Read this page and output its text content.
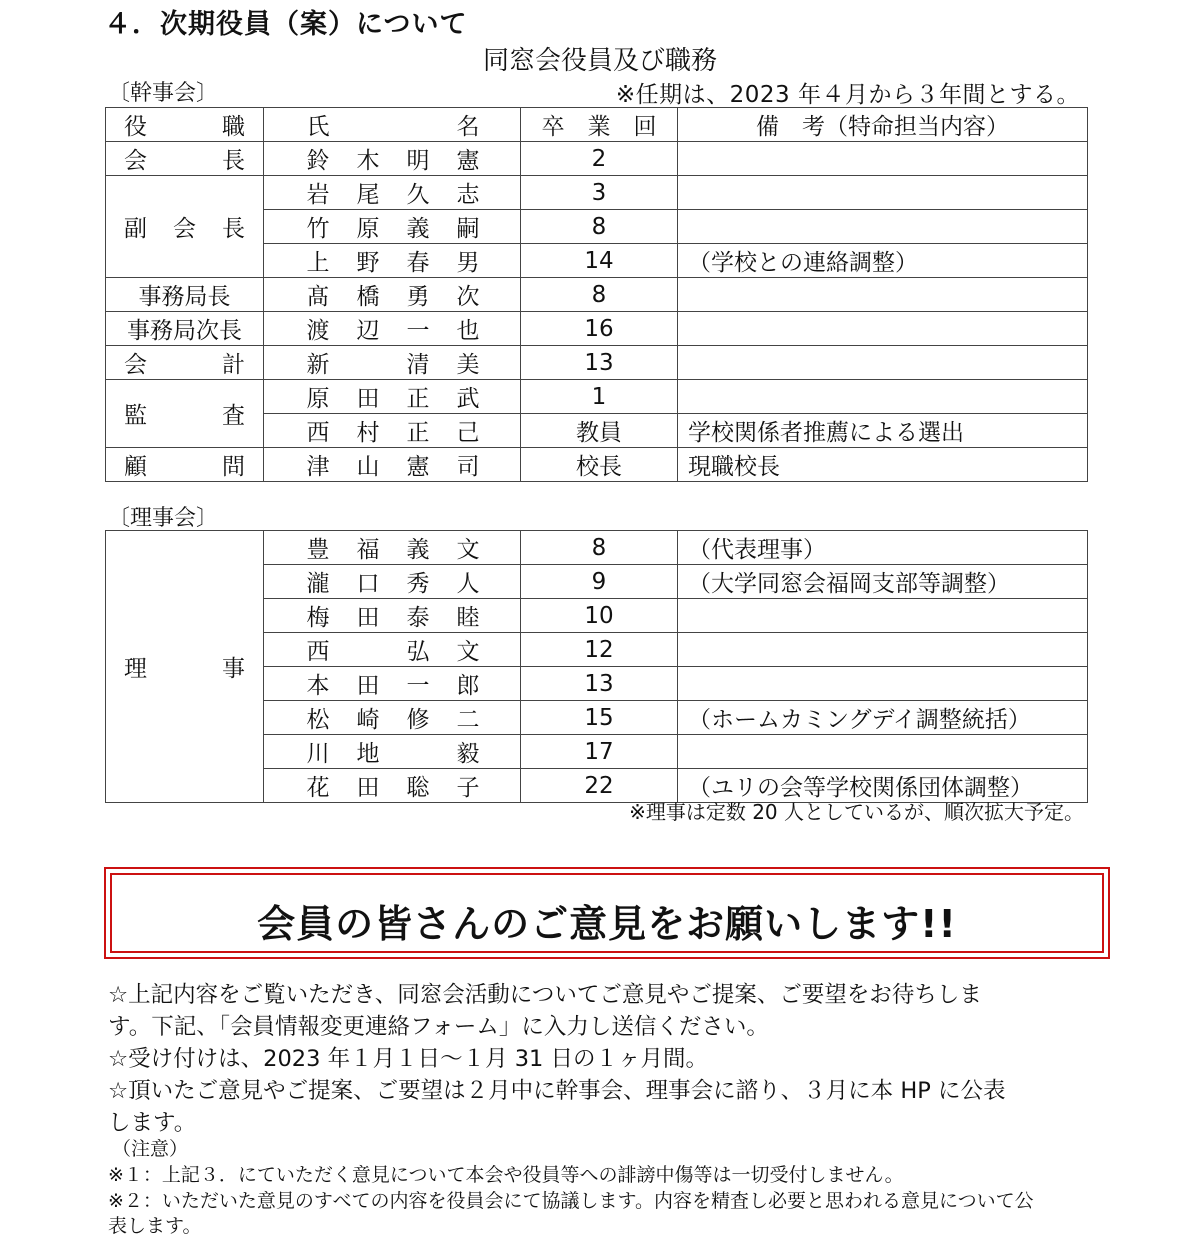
４．次期役員（案）について
同窓会役員及び職務
〔幹事会〕	※任期は、2023 年４月から３年間とする。
役 職	氏 名	卒　業　回	備　考（特命担当内容）

会 長	鈴 木 明 憲	2	

副 会 長	岩 尾 久 志	3	

	竹 原 義 嗣	8	

	上 野 春 男	14	（学校との連絡調整）

事務局長	髙 橋 勇 次	8	

事務局次長	渡 辺 一 也	16	

会 計	新 清 美	13	

監 査	原 田 正 武	1	

	西 村 正 己	教員	学校関係者推薦による選出

顧 問	津 山 憲 司	校長	現職校長
〔理事会〕
理 事	豊 福 義 文	8	（代表理事）

	瀧 口 秀 人	9	（大学同窓会福岡支部等調整）

	梅 田 泰 睦	10	

	西 弘 文	12	

	本 田 一 郎	13	

	松 崎 修 二	15	（ホームカミングデイ調整統括）

	川 地 毅	17	

	花 田 聡 子	22	（ユリの会等学校関係団体調整）
※理事は定数 20 人としているが、順次拡大予定。
会員の皆さんのご意見をお願いします!!
☆上記内容をご覧いただき、同窓会活動についてご意見やご提案、ご要望をお待ちしま
す。下記、「会員情報変更連絡フォーム」に入力し送信ください。
☆受け付けは、2023 年１月１日～１月 31 日の１ヶ月間。
☆頂いたご意見やご提案、ご要望は２月中に幹事会、理事会に諮り、３月に本 HP に公表
します。
（注意）
※１：上記３．にていただく意見について本会や役員等への誹謗中傷等は一切受付しません。
※２：いただいた意見のすべての内容を役員会にて協議します。内容を精査し必要と思われる意見について公
表します。
